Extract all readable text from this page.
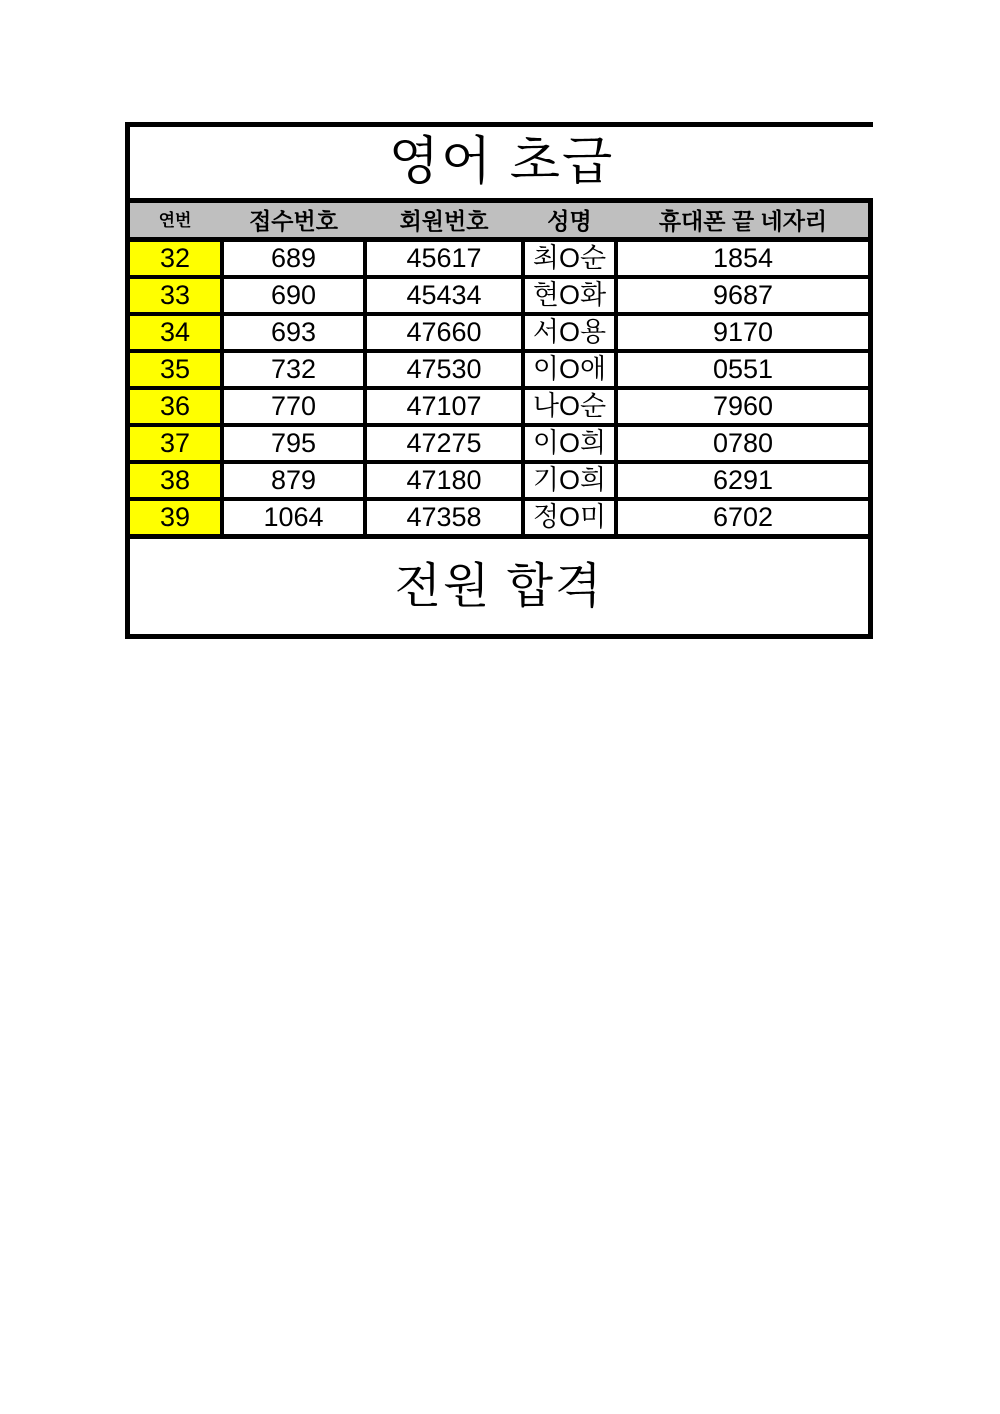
영어 초급
연번	접수번호	회원번호	성명	휴대폰 끝 네자리
32	689	45617	최O순	1854
33	690	45434	현O화	9687
34	693	47660	서O용	9170
35	732	47530	이O애	0551
36	770	47107	나O순	7960
37	795	47275	이O희	0780
38	879	47180	기O희	6291
39	1064	47358	정O미	6702
전원 합격
